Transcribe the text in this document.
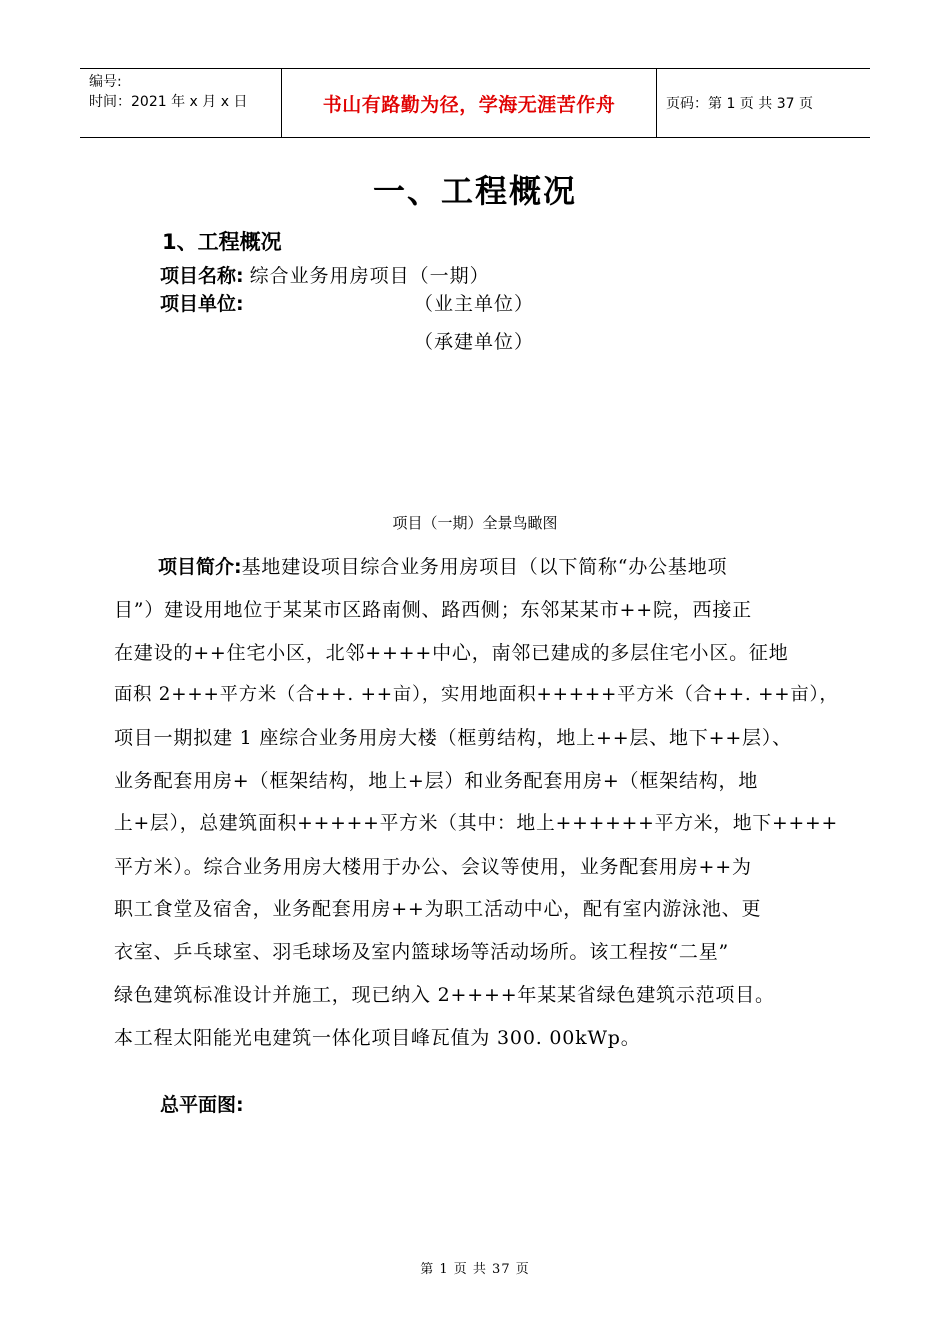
编号:
时间：2021 年 x 月 x 日	书山有路勤为径，学海无涯苦作舟	页码：第 1 页 共 37 页
一、工程概况
1、工程概况
项目名称: 综合业务用房项目（一期）
项目单位:	（业主单位）
（承建单位）
项目（一期）全景鸟瞰图
项目简介:基地建设项目综合业务用房项目（以下简称“办公基地项
目”）建设用地位于某某市区路南侧、路西侧；东邻某某市++院，西接正
在建设的++住宅小区，北邻++++中心，南邻已建成的多层住宅小区。征地
面积 2+++平方米（合++. ++亩），实用地面积+++++平方米（合++. ++亩），
项目一期拟建 1 座综合业务用房大楼（框剪结构，地上++层、地下++层）、
业务配套用房+（框架结构，地上+层）和业务配套用房+（框架结构，地
上+层），总建筑面积+++++平方米（其中：地上++++++平方米，地下++++
平方米）。综合业务用房大楼用于办公、会议等使用，业务配套用房++为
职工食堂及宿舍，业务配套用房++为职工活动中心，配有室内游泳池、更
衣室、乒乓球室、羽毛球场及室内篮球场等活动场所。该工程按“二星”
绿色建筑标准设计并施工，现已纳入 2++++年某某省绿色建筑示范项目。
本工程太阳能光电建筑一体化项目峰瓦值为 300. 00kWp。
总平面图:
第 1 页 共 37 页
